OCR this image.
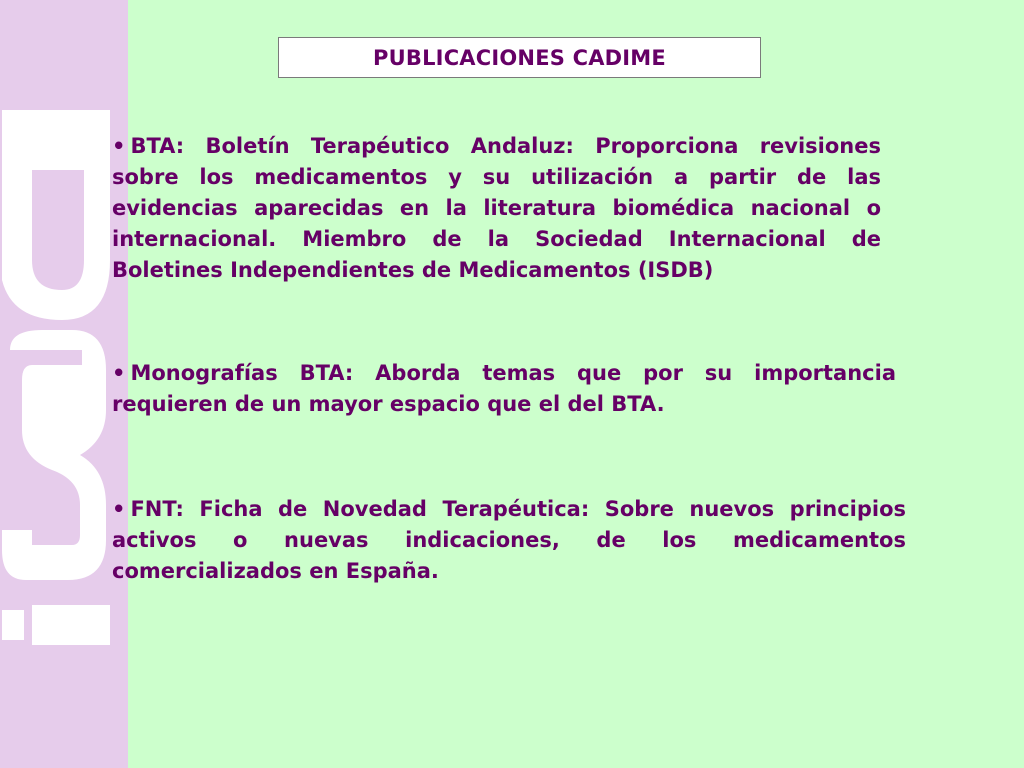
PUBLICACIONES CADIME
• BTA: Boletín Terapéutico Andaluz: Proporciona revisiones sobre los medicamentos y su utilización a partir de las evidencias aparecidas en la literatura biomédica nacional o internacional. Miembro de la Sociedad Internacional de Boletines Independientes de Medicamentos (ISDB)
• Monografías BTA: Aborda temas que por su importancia requieren de un mayor espacio que el del BTA.
• FNT: Ficha de Novedad Terapéutica: Sobre nuevos principios activos o nuevas indicaciones, de los medicamentos comercializados en España.
